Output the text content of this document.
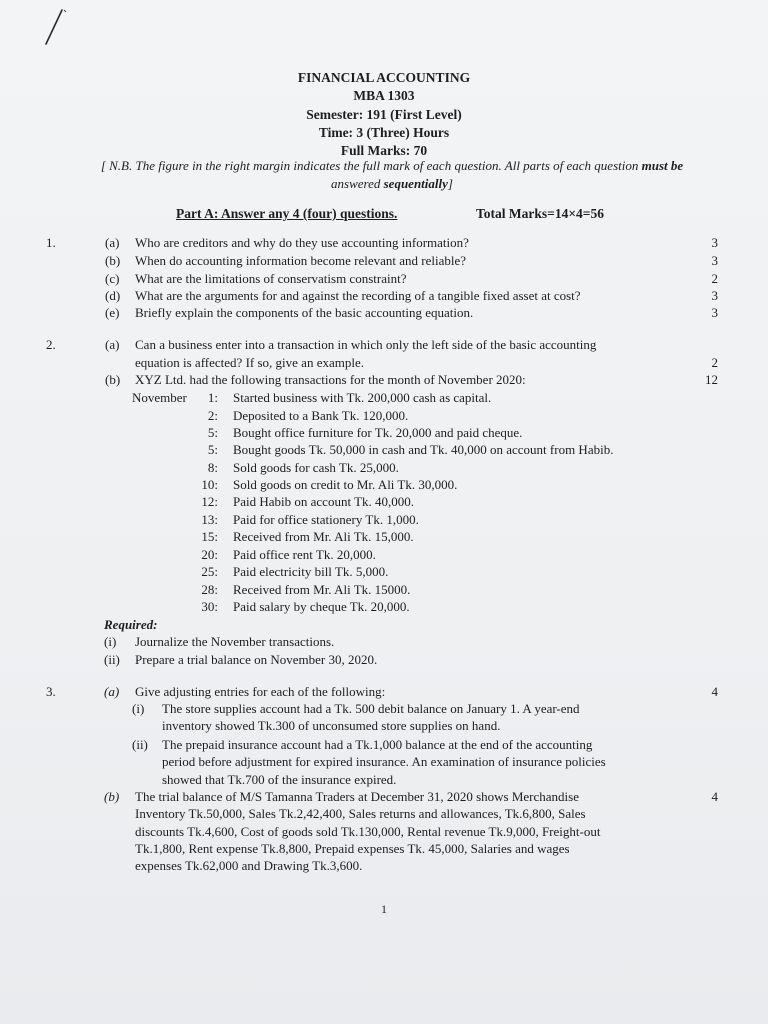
FINANCIAL ACCOUNTING
MBA 1303
Semester: 191 (First Level)
Time: 3 (Three) Hours
Full Marks: 70
[ N.B. The figure in the right margin indicates the full mark of each question. All parts of each question must be
answered sequentially]
Part A: Answer any 4 (four) questions.	Total Marks=14×4=56
1.	(a) Who are creditors and why do they use accounting information?	3
(b) When do accounting information become relevant and reliable?	3
(c) What are the limitations of conservatism constraint?	2
(d) What are the arguments for and against the recording of a tangible fixed asset at cost?	3
(e) Briefly explain the components of the basic accounting equation.	3
2.	(a) Can a business enter into a transaction in which only the left side of the basic accounting
equation is affected? If so, give an example.	2
(b) XYZ Ltd. had the following transactions for the month of November 2020:	12
November	1: Started business with Tk. 200,000 cash as capital.
2: Deposited to a Bank Tk. 120,000.
5: Bought office furniture for Tk. 20,000 and paid cheque.
5: Bought goods Tk. 50,000 in cash and Tk. 40,000 on account from Habib.
8: Sold goods for cash Tk. 25,000.
10: Sold goods on credit to Mr. Ali Tk. 30,000.
12: Paid Habib on account Tk. 40,000.
13: Paid for office stationery Tk. 1,000.
15: Received from Mr. Ali Tk. 15,000.
20: Paid office rent Tk. 20,000.
25: Paid electricity bill Tk. 5,000.
28: Received from Mr. Ali Tk. 15000.
30: Paid salary by cheque Tk. 20,000.
Required:
(i) Journalize the November transactions.
(ii) Prepare a trial balance on November 30, 2020.
3.	(a) Give adjusting entries for each of the following:	4
(i) The store supplies account had a Tk. 500 debit balance on January 1. A year-end
inventory showed Tk.300 of unconsumed store supplies on hand.
(ii) The prepaid insurance account had a Tk.1,000 balance at the end of the accounting
period before adjustment for expired insurance. An examination of insurance policies
showed that Tk.700 of the insurance expired.
(b)	4
The trial balance of M/S Tamanna Traders at December 31, 2020 shows Merchandise
Inventory Tk.50,000, Sales Tk.2,42,400, Sales returns and allowances, Tk.6,800, Sales
discounts Tk.4,600, Cost of goods sold Tk.130,000, Rental revenue Tk.9,000, Freight-out
Tk.1,800, Rent expense Tk.8,800, Prepaid expenses Tk. 45,000, Salaries and wages
expenses Tk.62,000 and Drawing Tk.3,600.
1
